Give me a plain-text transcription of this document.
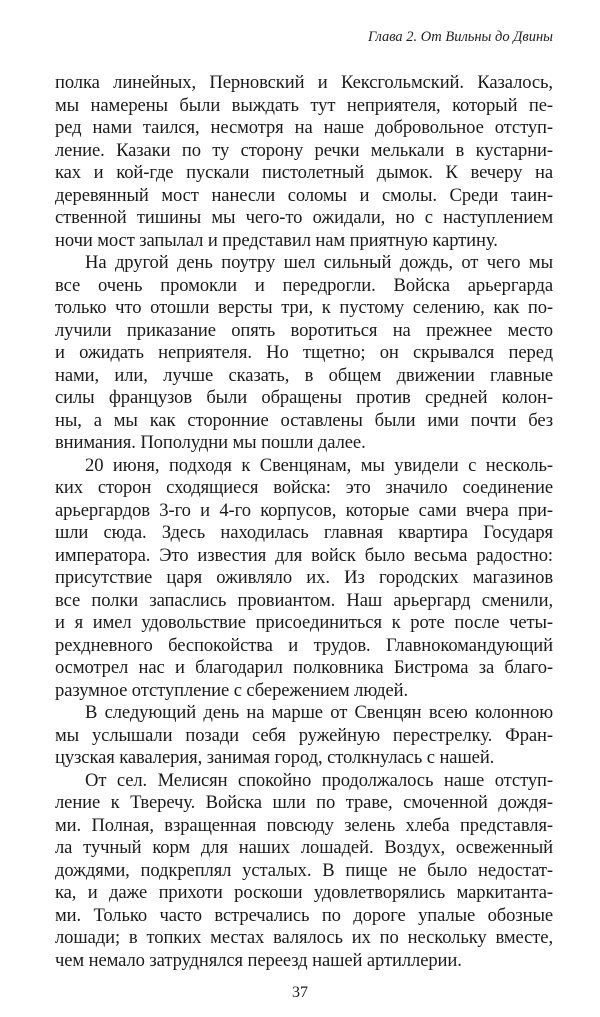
Глава 2. От Вильны до Двины
полка линейных, Перновский и Кексгольмский. Казалось,
мы намерены были выждать тут неприятеля, который пе-
ред нами таился, несмотря на наше добровольное отступ-
ление. Казаки по ту сторону речки мелькали в кустарни-
ках и кой-где пускали пистолетный дымок. К вечеру на
деревянный мост нанесли соломы и смолы. Среди таин-
ственной тишины мы чего-то ожидали, но с наступлением
ночи мост запылал и представил нам приятную картину.
На другой день поутру шел сильный дождь, от чего мы
все очень промокли и передрогли. Войска арьергарда
только что отошли версты три, к пустому селению, как по-
лучили приказание опять воротиться на прежнее место
и ожидать неприятеля. Но тщетно; он скрывался перед
нами, или, лучше сказать, в общем движении главные
силы французов были обращены против средней колон-
ны, а мы как сторонние оставлены были ими почти без
внимания. Пополудни мы пошли далее.
20 июня, подходя к Свенцянам, мы увидели с несколь-
ких сторон сходящиеся войска: это значило соединение
арьергардов 3-го и 4-го корпусов, которые сами вчера при-
шли сюда. Здесь находилась главная квартира Государя
императора. Это известия для войск было весьма радостно:
присутствие царя оживляло их. Из городских магазинов
все полки запаслись провиантом. Наш арьергард сменили,
и я имел удовольствие присоединиться к роте после четы-
рехдневного беспокойства и трудов. Главнокомандующий
осмотрел нас и благодарил полковника Бистрома за благо-
разумное отступление с сбережением людей.
В следующий день на марше от Свенцян всею колонною
мы услышали позади себя ружейную перестрелку. Фран-
цузская кавалерия, занимая город, столкнулась с нашей.
От сел. Мелисян спокойно продолжалось наше отступ-
ление к Тверечу. Войска шли по траве, смоченной дождя-
ми. Полная, взращенная повсюду зелень хлеба представля-
ла тучный корм для наших лошадей. Воздух, освеженный
дождями, подкреплял усталых. В пище не было недостат-
ка, и даже прихоти роскоши удовлетворялись маркитанта-
ми. Только часто встречались по дороге упалые обозные
лошади; в топких местах валялось их по нескольку вместе,
чем немало затруднялся переезд нашей артиллерии.
37
